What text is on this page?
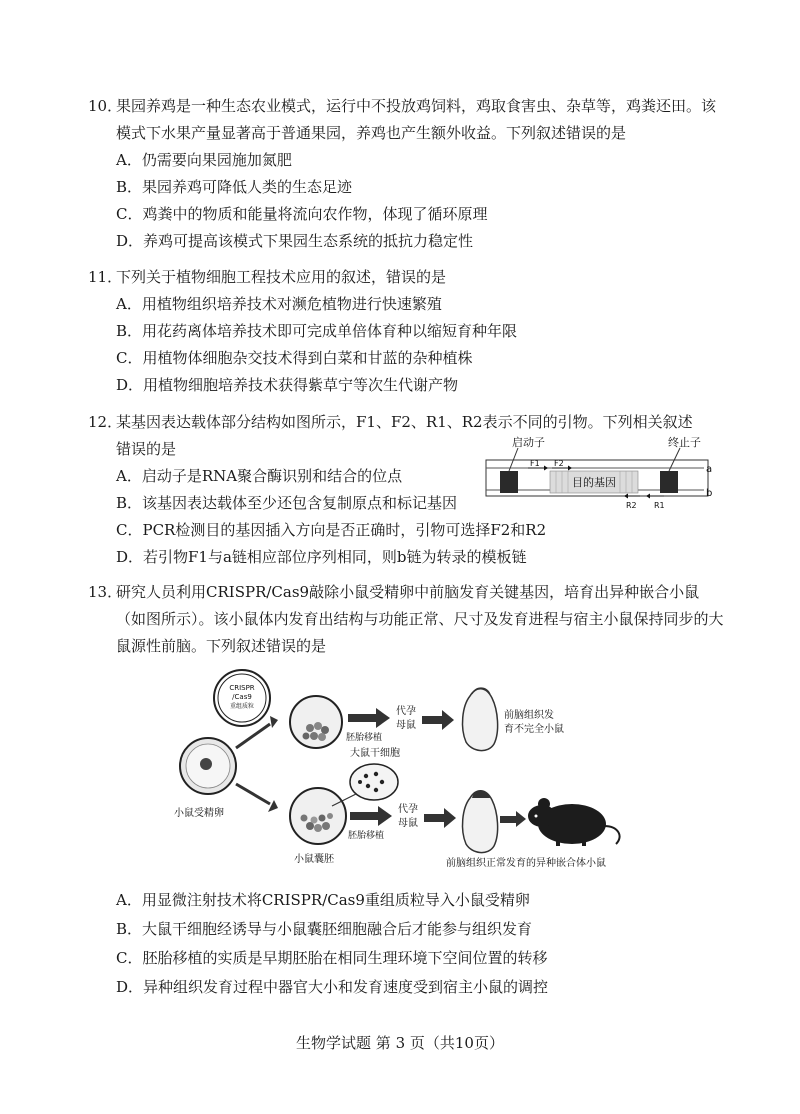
10．果园养鸡是一种生态农业模式，运行中不投放鸡饲料，鸡取食害虫、杂草等，鸡粪还田。该模式下水果产量显著高于普通果园，养鸡也产生额外收益。下列叙述错误的是
A．仍需要向果园施加氮肥
B．果园养鸡可降低人类的生态足迹
C．鸡粪中的物质和能量将流向农作物，体现了循环原理
D．养鸡可提高该模式下果园生态系统的抵抗力稳定性
11．下列关于植物细胞工程技术应用的叙述，错误的是
A．用植物组织培养技术对濒危植物进行快速繁殖
B．用花药离体培养技术即可完成单倍体育种以缩短育种年限
C．用植物体细胞杂交技术得到白菜和甘蓝的杂种植株
D．用植物细胞培养技术获得紫草宁等次生代谢产物
12．某基因表达载体部分结构如图所示，F1、F2、R1、R2表示不同的引物。下列相关叙述
错误的是
A．启动子是RNA聚合酶识别和结合的位点
B．该基因表达载体至少还包含复制原点和标记基因
C．PCR检测目的基因插入方向是否正确时，引物可选择F2和R2
D．若引物F1与a链相应部位序列相同，则b链为转录的模板链
目的基因
启动子	终止子
F1 F2
R2 R1
a
b
13．研究人员利用CRISPR/Cas9敲除小鼠受精卵中前脑发育关键基因，培育出异种嵌合小鼠（如图所示）。该小鼠体内发育出结构与功能正常、尺寸及发育进程与宿主小鼠保持同步的大鼠源性前脑。下列叙述错误的是
小鼠受精卵
CRISPR
/Cas9
重组质粒
小鼠囊胚
大鼠干细胞
胚胎移植
胚胎移植
代孕
母鼠
代孕
母鼠
前脑组织发
育不完全小鼠
前脑组织正常发育的异种嵌合体小鼠
A．用显微注射技术将CRISPR/Cas9重组质粒导入小鼠受精卵
B．大鼠干细胞经诱导与小鼠囊胚细胞融合后才能参与组织发育
C．胚胎移植的实质是早期胚胎在相同生理环境下空间位置的转移
D．异种组织发育过程中器官大小和发育速度受到宿主小鼠的调控
生物学试题 第 3 页（共10页）
